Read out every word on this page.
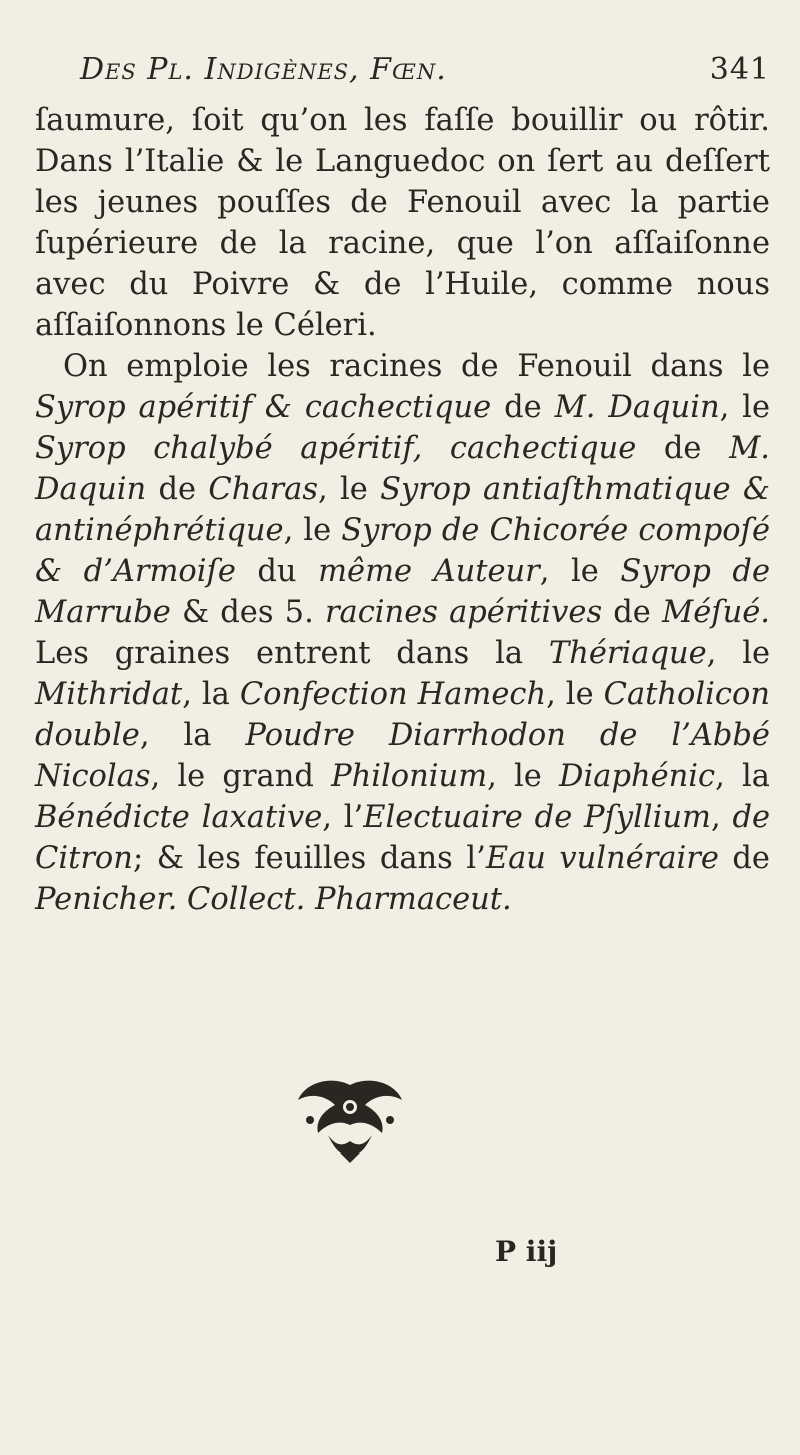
Des Pl. Indigènes, Fœn.	341

ſaumure, ſoit qu’on les faſſe bouillir ou rôtir. Dans l’Italie & le Languedoc on ſert au deſſert les jeunes pouſſes de Fenouil avec la partie ſupérieure de la racine, que l’on aſſaiſonne avec du Poivre & de l’Huile, comme nous aſſaiſonnons le Céleri.

On emploie les racines de Fenouil dans le Syrop apéritif & cachectique de M. Daquin, le Syrop chalybé apéritif, cachectique de M. Daquin de Charas, le Syrop antiaſthmatique & antinéphrétique, le Syrop de Chicorée compoſé & d’Armoiſe du même Auteur, le Syrop de Marrube & des 5. racines apéritives de Méſué. Les graines entrent dans la Thériaque, le Mithridat, la Confection Hamech, le Catholicon double, la Poudre Diarrhodon de l’Abbé Nicolas, le grand Philonium, le Diaphénic, la Bénédicte laxative, l’Electuaire de Pſyllium, de Citron; & les feuilles dans l’Eau vulnéraire de Penicher. Collect. Pharmaceut.

P iij
